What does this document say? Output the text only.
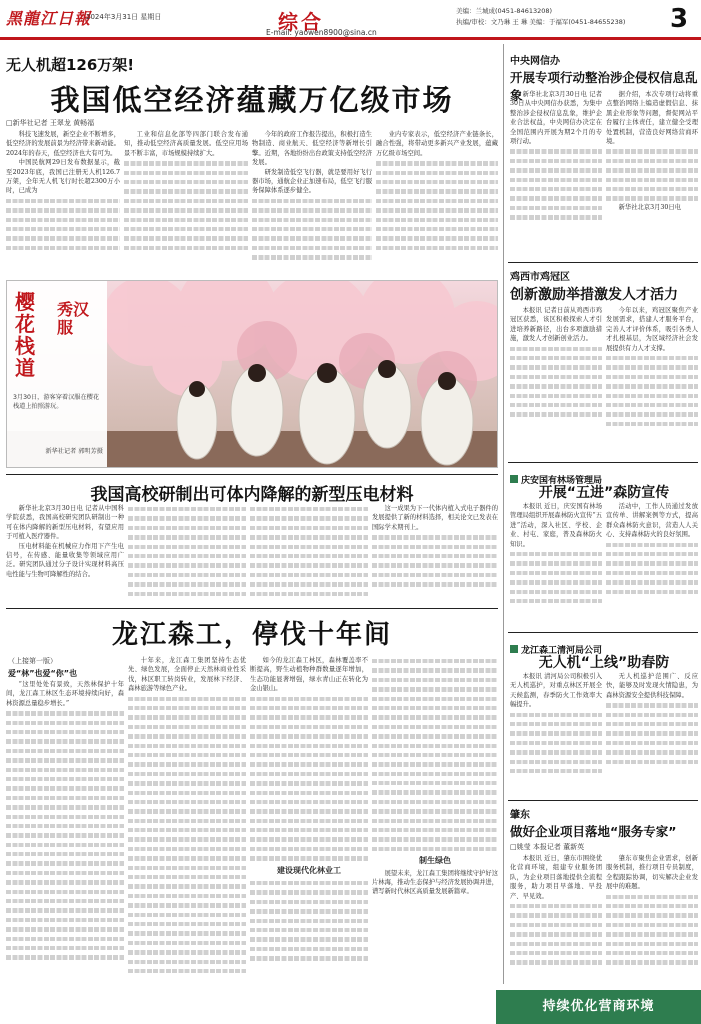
黑龍江日報
2024年3月31日 星期日	综合
E-mail: yaowen8900@sina.cn
美编：兰城成(0451-84613208)
执编/审校：文乃琳 王 琳 美编：于福军(0451-84655238)	3
无人机超126万架!
我国低空经济蕴藏万亿级市场
□新华社记者 王翠龙 黄畅福

科技飞速发展，新空企业不断增多，低空经济的发展前景为经济带来新动能。2024年的春天，低空经济也大有可为。

中国民航网29日发布数据显示，截至2023年底，我国已注册无人机126.7万架，全年无人机飞行时长超2300万小时，已成为

工业和信息化部等四部门联合发布通知，推动低空经济高质量发展。低空应用场景不断丰富，市场规模持续扩大。

今年的政府工作报告提出，积极打造生物制造、商业航天、低空经济等新增长引擎。近期，各地纷纷出台政策支持低空经济发展。

研发制造低空飞行器，就是要用好飞行器市场，通航企业正加速布局，低空飞行服务保障体系逐步健全。

业内专家表示，低空经济产业链条长，融合性强，将带动更多新兴产业发展，蕴藏万亿级市场空间。

樱花栈道
秀汉服
3月30日，游客穿着汉服在樱花栈道上拍照游玩。
新华社记者 郭明芳摄
中央网信办
开展专项行动整治涉企侵权信息乱象 新华社北京3月30日电 记者30日从中央网信办获悉，为集中整治涉企侵权信息乱象，维护企业合法权益，中央网信办决定在全国范围内开展为期2个月的专项行动。

据介绍，本次专项行动将重点整治网络上编造虚假信息、抹黑企业形象等问题，督促网站平台履行主体责任，建立健全受理处置机制，营造良好网络营商环境。

新华社北京3月30日电

鸡西市鸡冠区
创新激励举措激发人才活力

本报讯 记者日前从鸡西市鸡冠区获悉，该区积极探索人才引进培养新路径，出台多项激励措施，激发人才创新创业活力。

今年以来，鸡冠区聚焦产业发展需求，搭建人才服务平台，完善人才评价体系，吸引各类人才扎根基层，为区域经济社会发展提供有力人才支撑。

庆安国有林场管理局
开展“五进”森防宣传

本报讯 近日，庆安国有林场管理局组织开展森林防火宣传“五进”活动，深入社区、学校、企业、村屯、家庭，普及森林防火知识。

活动中，工作人员通过发放宣传单、讲解案例等方式，提高群众森林防火意识，营造人人关心、支持森林防火的良好氛围。

龙江森工清河局公司
无人机“上线”助春防

本报讯 清河局公司积极引入无人机巡护，对重点林区开展全天候监测，春季防火工作效率大幅提升。

无人机巡护范围广、反应快，能够及时发现火情隐患，为森林资源安全提供科技保障。

我国高校研制出可体内降解的新型压电材料

新华社北京3月30日电 记者从中国科学院获悉，我国高校研究团队研制出一种可在体内降解的新型压电材料，有望应用于可植入医疗器件。

压电材料能在机械应力作用下产生电信号，在传感、能量收集等领域应用广泛。研究团队通过分子设计实现材料高压电性能与生物可降解性的结合。

这一成果为下一代体内植入式电子器件的发展提供了新的材料选择，相关论文已发表在国际学术期刊上。

龙江森工，停伐十年间
（上接第一版）
爱“林”也爱“你”也

“这里处处有景致，天然林保护十年间，龙江森工林区生态环境持续向好，森林资源总量稳步增长。”

十年来，龙江森工集团坚持生态优先、绿色发展，全面停止天然林商业性采伐，林区职工转岗转业，发展林下经济、森林旅游等绿色产业。

如今的龙江森工林区，森林覆盖率不断提高，野生动植物种群数量逐年增加，生态功能显著增强，绿水青山正在转化为金山银山。

建设现代化林业工
制生绿色

展望未来，龙江森工集团将继续守护好这片林海，推动生态保护与经济发展协调并进，谱写新时代林区高质量发展新篇章。

肇东
做好企业项目落地“服务专家”
□姚莹 本报记者 董新英

本报讯 近日，肇东市围绕优化营商环境，组建专业服务团队，为企业项目落地提供全流程服务，助力项目早落地、早投产、早见效。

肇东市聚焦企业需求，创新服务机制，推行项目专员制度，全程跟踪协调，切实解决企业发展中的难题。

持续优化营商环境
